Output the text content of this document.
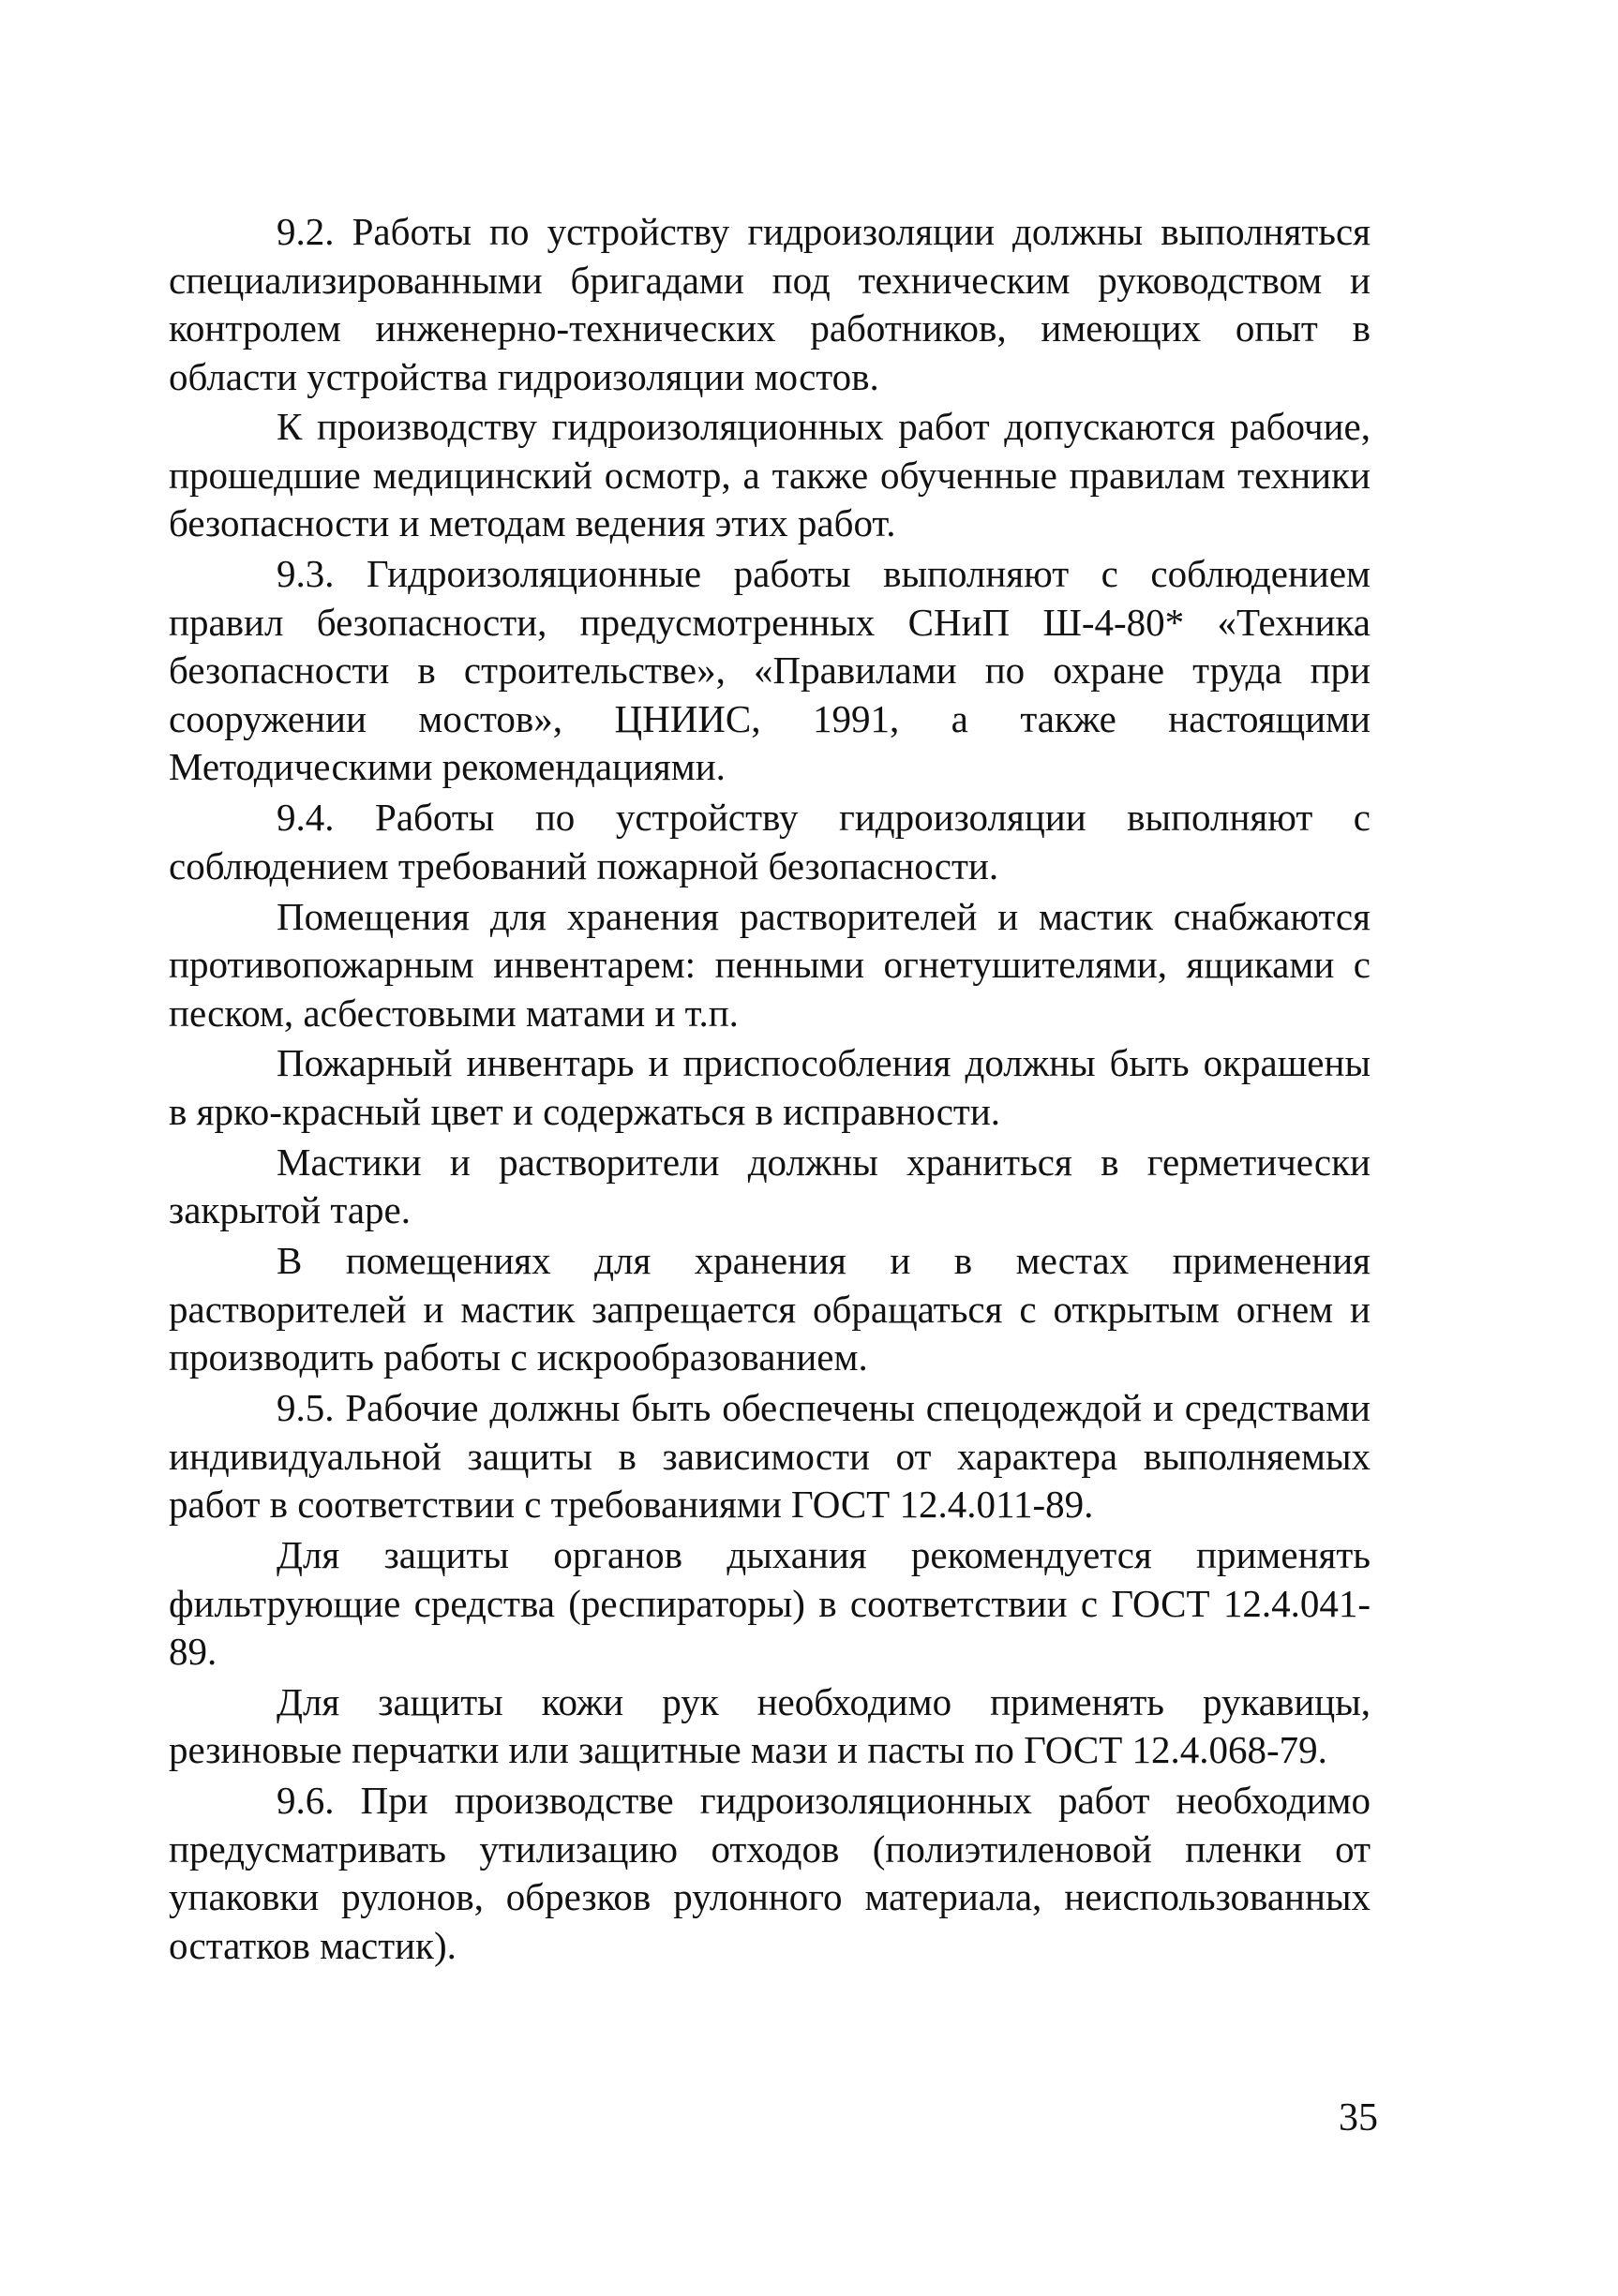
9.2. Работы по устройству гидроизоляции должны выполняться специализированными бригадами под техническим руководством и контролем инженерно-технических работников, имеющих опыт в области устройства гидроизоляции мостов.

К производству гидроизоляционных работ допускаются рабочие, прошедшие медицинский осмотр, а также обученные правилам техники безопасности и методам ведения этих работ.

9.3. Гидроизоляционные работы выполняют с соблюдением правил безопасности, предусмотренных СНиП Ш-4-80* «Техника безопасности в строительстве», «Правилами по охране труда при сооружении мостов», ЦНИИС, 1991, а также настоящими Методическими рекомендациями.

9.4. Работы по устройству гидроизоляции выполняют с соблюдением требований пожарной безопасности.

Помещения для хранения растворителей и мастик снабжаются противопожарным инвентарем: пенными огнетушителями, ящиками с песком, асбестовыми матами и т.п.

Пожарный инвентарь и приспособления должны быть окрашены в ярко-красный цвет и содержаться в исправности.

Мастики и растворители должны храниться в герметически закрытой таре.

В помещениях для хранения и в местах применения растворителей и мастик запрещается обращаться с открытым огнем и производить работы с искрообразованием.

9.5. Рабочие должны быть обеспечены спецодеждой и средствами индивидуальной защиты в зависимости от характера выполняемых работ в соответствии с требованиями ГОСТ 12.4.011-89.

Для защиты органов дыхания рекомендуется применять фильтрующие средства (респираторы) в соответствии с ГОСТ 12.4.041-89.

Для защиты кожи рук необходимо применять рукавицы, резиновые перчатки или защитные мази и пасты по ГОСТ 12.4.068-79.

9.6. При производстве гидроизоляционных работ необходимо предусматривать утилизацию отходов (полиэтиленовой пленки от упаковки рулонов, обрезков рулонного материала, неиспользованных остатков мастик).

35
